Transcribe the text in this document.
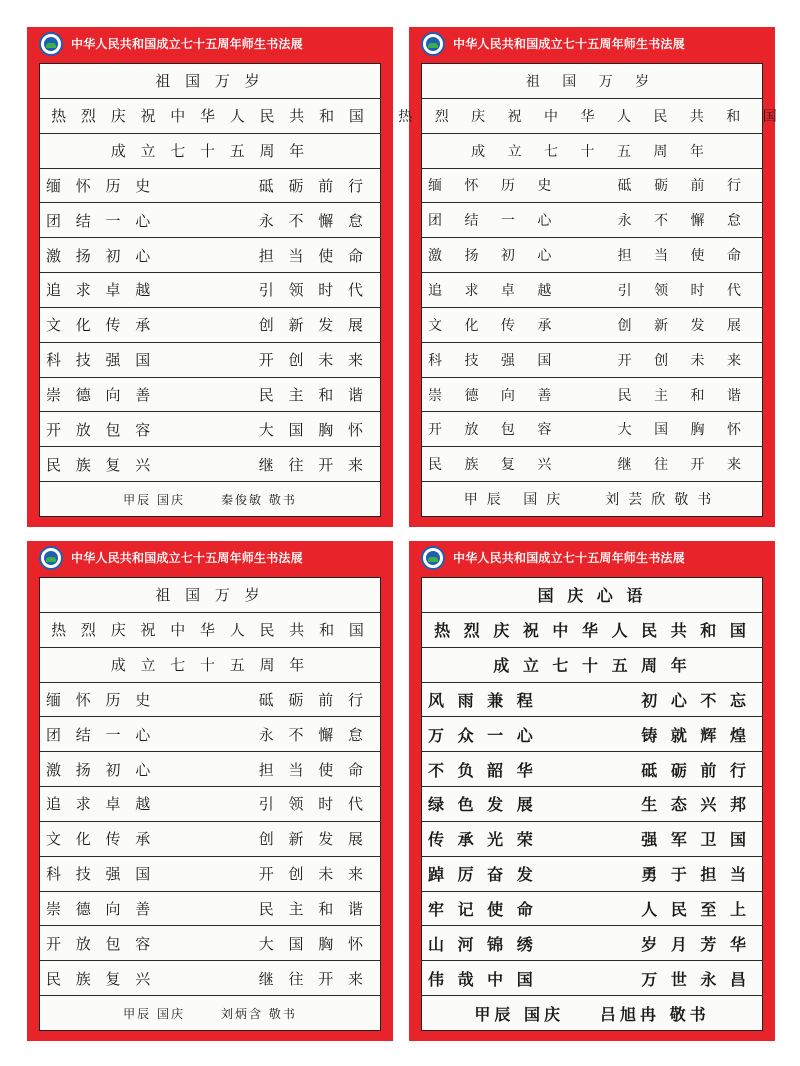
中华人民共和国成立七十五周年师生书法展
祖 国 万 岁
热 烈 庆 祝 中 华 人 民 共 和 国
成 立 七 十 五 周 年
缅 怀 历 史	砥 砺 前 行
团 结 一 心	永 不 懈 怠
激 扬 初 心	担 当 使 命
追 求 卓 越	引 领 时 代
文 化 传 承	创 新 发 展
科 技 强 国	开 创 未 来
崇 德 向 善	民 主 和 谐
开 放 包 容	大 国 胸 怀
民 族 复 兴	继 往 开 来
甲辰 国庆	秦俊敏 敬书
中华人民共和国成立七十五周年师生书法展
祖 国 万 岁
热 烈 庆 祝 中 华 人 民 共 和 国
成 立 七 十 五 周 年
缅 怀 历 史	砥 砺 前 行
团 结 一 心	永 不 懈 怠
激 扬 初 心	担 当 使 命
追 求 卓 越	引 领 时 代
文 化 传 承	创 新 发 展
科 技 强 国	开 创 未 来
崇 德 向 善	民 主 和 谐
开 放 包 容	大 国 胸 怀
民 族 复 兴	继 往 开 来
甲辰 国庆	刘芸欣敬书
中华人民共和国成立七十五周年师生书法展
祖 国 万 岁
热 烈 庆 祝 中 华 人 民 共 和 国
成 立 七 十 五 周 年
缅 怀 历 史	砥 砺 前 行
团 结 一 心	永 不 懈 怠
激 扬 初 心	担 当 使 命
追 求 卓 越	引 领 时 代
文 化 传 承	创 新 发 展
科 技 强 国	开 创 未 来
崇 德 向 善	民 主 和 谐
开 放 包 容	大 国 胸 怀
民 族 复 兴	继 往 开 来
甲辰 国庆	刘炳含 敬书
中华人民共和国成立七十五周年师生书法展
国 庆 心 语
热 烈 庆 祝 中 华 人 民 共 和 国
成 立 七 十 五 周 年
风 雨 兼 程	初 心 不 忘
万 众 一 心	铸 就 辉 煌
不 负 韶 华	砥 砺 前 行
绿 色 发 展	生 态 兴 邦
传 承 光 荣	强 军 卫 国
踔 厉 奋 发	勇 于 担 当
牢 记 使 命	人 民 至 上
山 河 锦 绣	岁 月 芳 华
伟 哉 中 国	万 世 永 昌
甲辰 国庆 吕旭冉 敬书
